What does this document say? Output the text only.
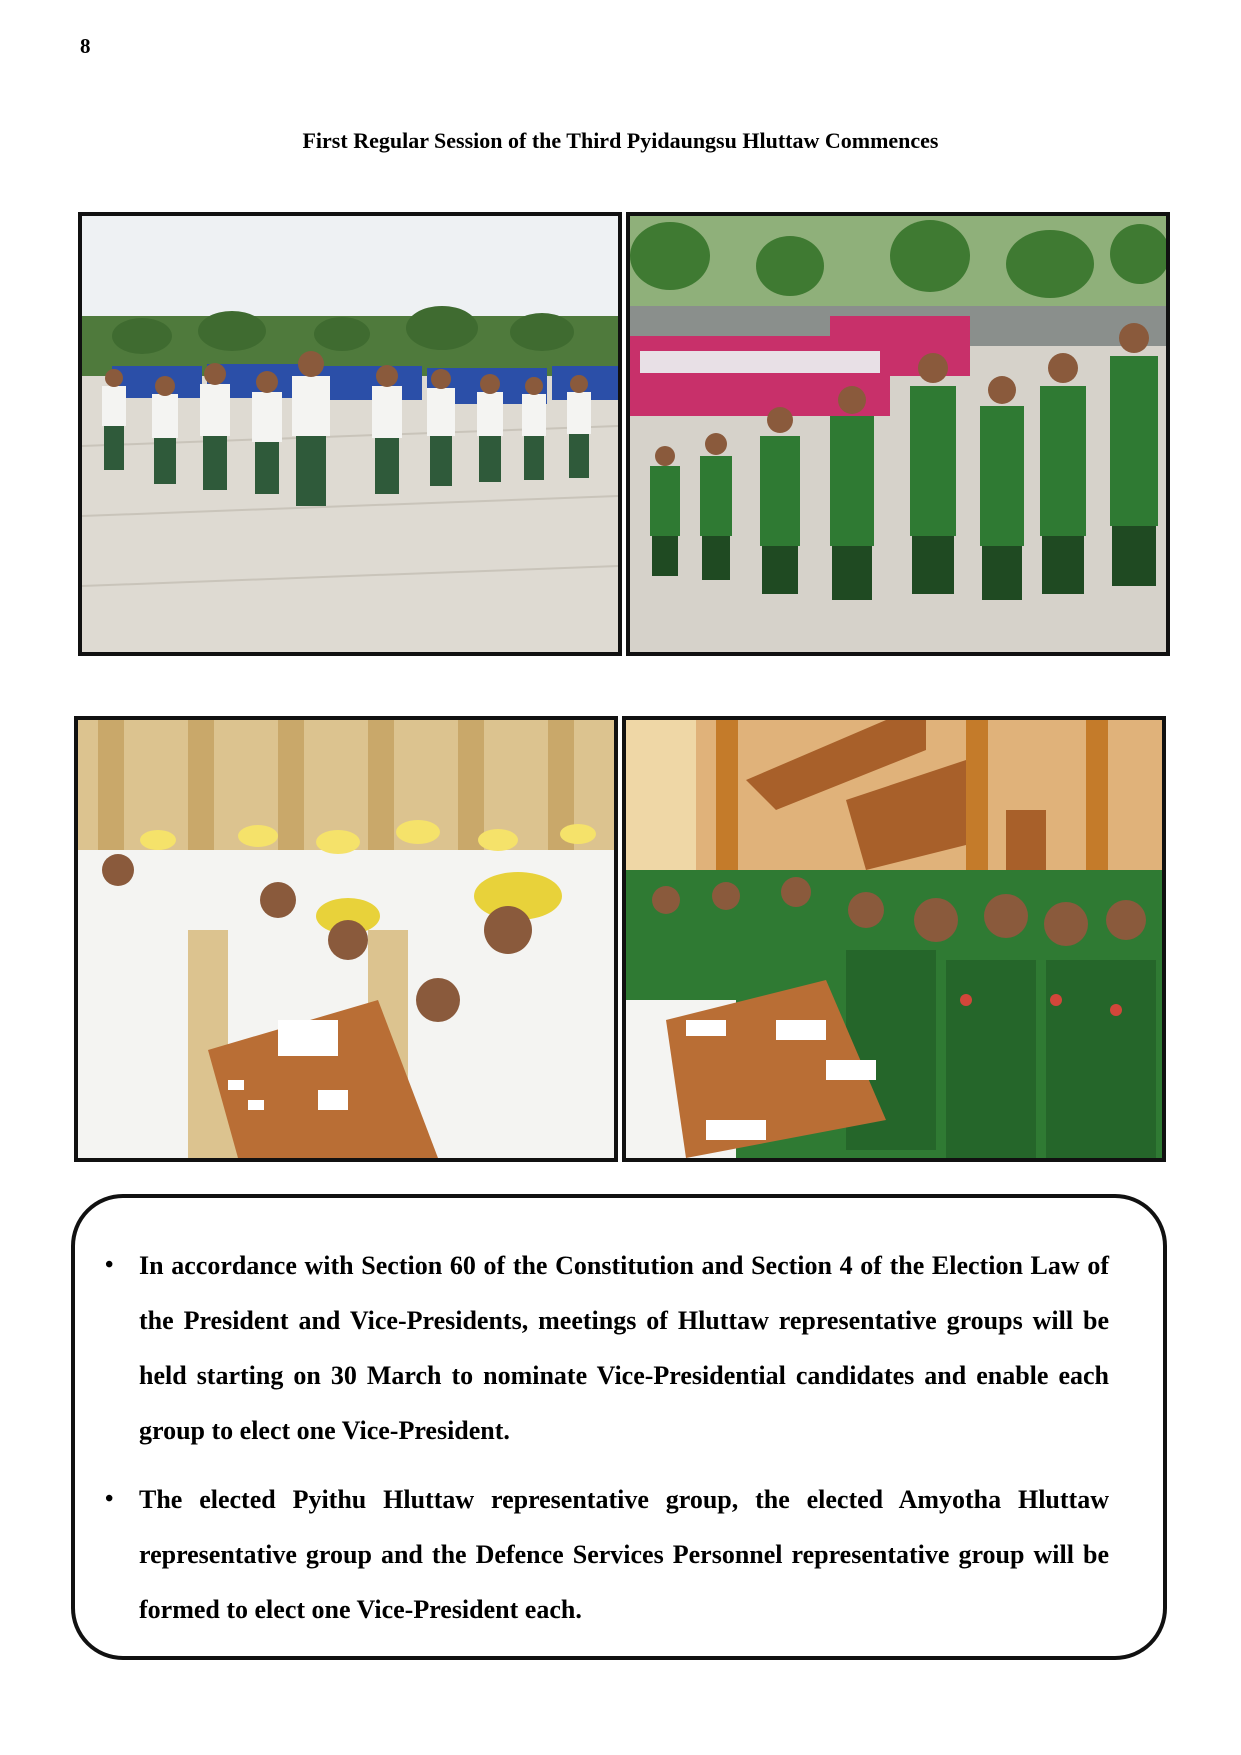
8
First Regular Session of the Third Pyidaungsu Hluttaw Commences
• In accordance with Section 60 of the Constitution and Section 4 of the Election Law of the President and Vice-Presidents, meetings of Hluttaw representative groups will be held starting on 30 March to nominate Vice-Presidential candidates and enable each group to elect one Vice-President.
• The elected Pyithu Hluttaw representative group, the elected Amyotha Hluttaw representative group and the Defence Services Personnel representative group will be formed to elect one Vice-President each.
